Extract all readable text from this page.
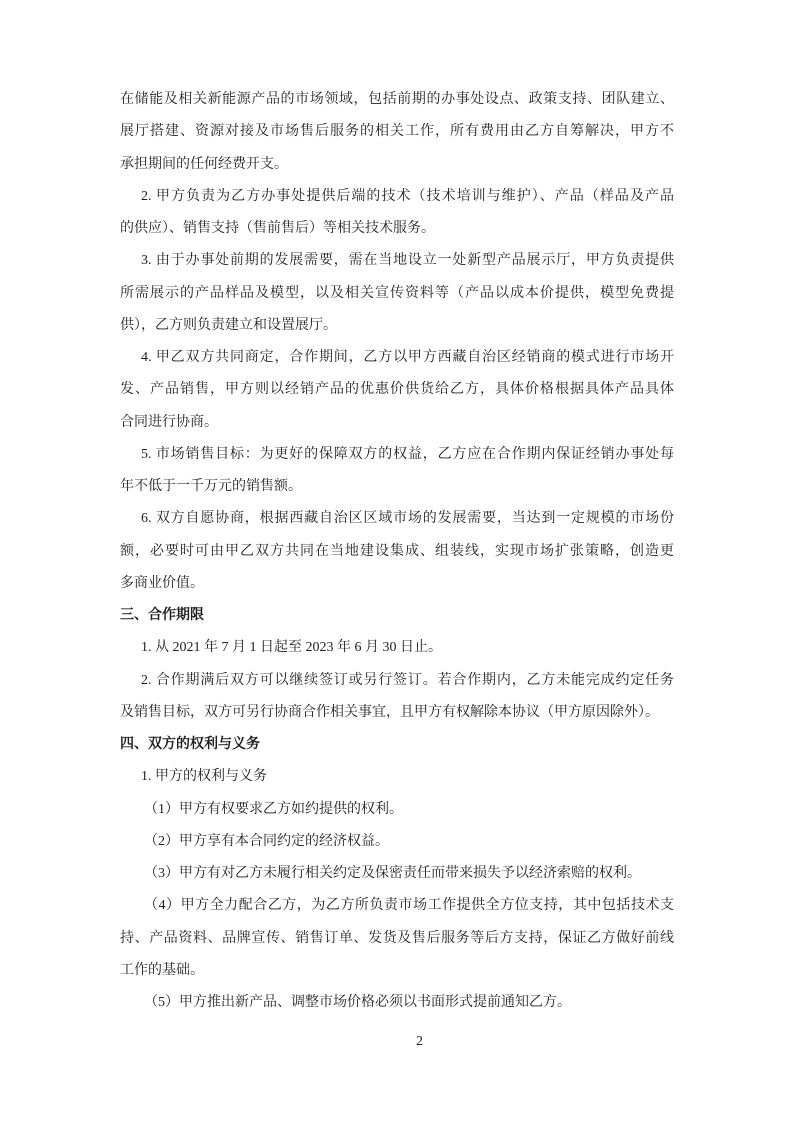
在储能及相关新能源产品的市场领域，包括前期的办事处设点、政策支持、团队建立、
展厅搭建、资源对接及市场售后服务的相关工作，所有费用由乙方自筹解决，甲方不
承担期间的任何经费开支。
2. 甲方负责为乙方办事处提供后端的技术（技术培训与维护）、产品（样品及产品
的供应）、销售支持（售前售后）等相关技术服务。
3. 由于办事处前期的发展需要，需在当地设立一处新型产品展示厅，甲方负责提供
所需展示的产品样品及模型，以及相关宣传资料等（产品以成本价提供，模型免费提
供），乙方则负责建立和设置展厅。
4. 甲乙双方共同商定，合作期间，乙方以甲方西藏自治区经销商的模式进行市场开
发、产品销售，甲方则以经销产品的优惠价供货给乙方，具体价格根据具体产品具体
合同进行协商。
5. 市场销售目标：为更好的保障双方的权益，乙方应在合作期内保证经销办事处每
年不低于一千万元的销售额。
6. 双方自愿协商，根据西藏自治区区域市场的发展需要，当达到一定规模的市场份
额，必要时可由甲乙双方共同在当地建设集成、组装线，实现市场扩张策略，创造更
多商业价值。
三、合作期限
1. 从 2021 年 7 月 1 日起至 2023 年 6 月 30 日止。
2. 合作期满后双方可以继续签订或另行签订。若合作期内，乙方未能完成约定任务
及销售目标，双方可另行协商合作相关事宜，且甲方有权解除本协议（甲方原因除外）。
四、双方的权利与义务
1. 甲方的权利与义务
（1）甲方有权要求乙方如约提供的权利。
（2）甲方享有本合同约定的经济权益。
（3）甲方有对乙方未履行相关约定及保密责任而带来损失予以经济索赔的权利。
（4）甲方全力配合乙方，为乙方所负责市场工作提供全方位支持，其中包括技术支
持、产品资料、品牌宣传、销售订单、发货及售后服务等后方支持，保证乙方做好前线
工作的基础。
（5）甲方推出新产品、调整市场价格必须以书面形式提前通知乙方。
2
